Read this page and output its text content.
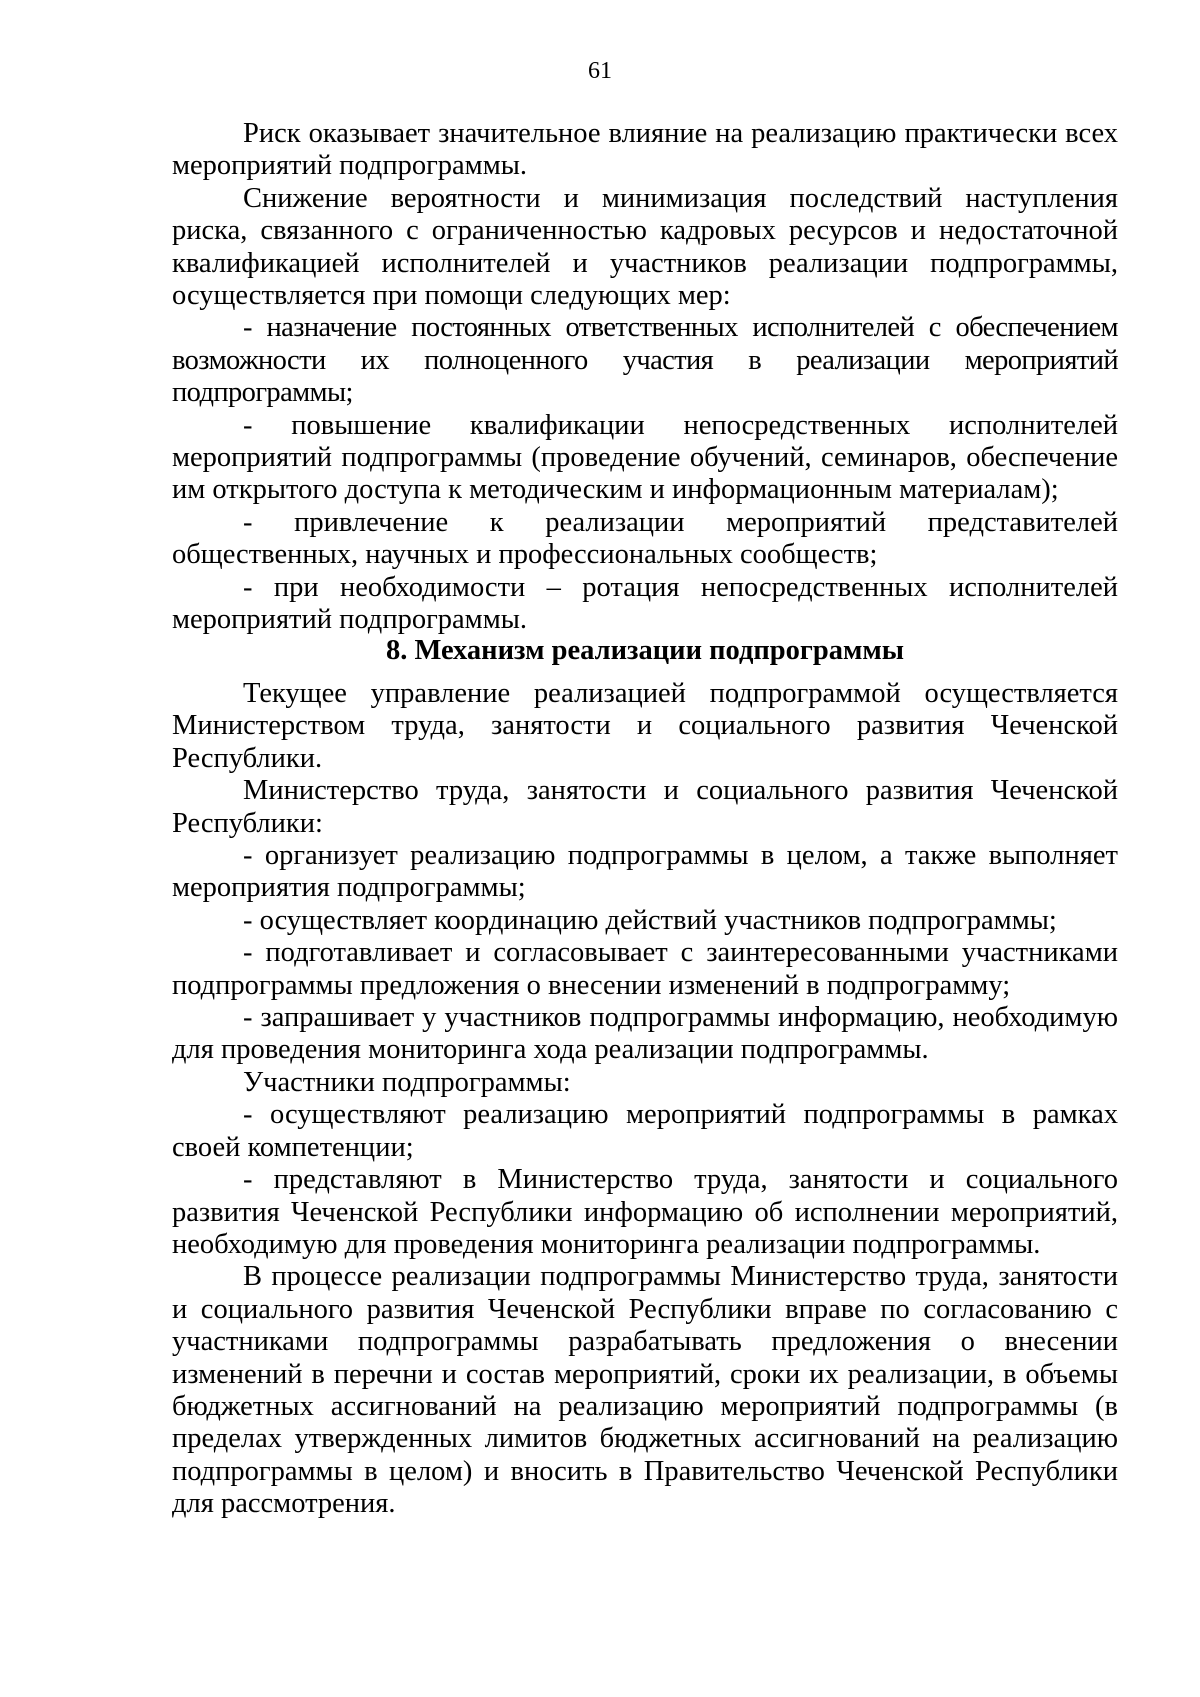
61

Риск оказывает значительное влияние на реализацию практически всех мероприятий подпрограммы.

Снижение вероятности и минимизация последствий наступления риска, связанного с ограниченностью кадровых ресурсов и недостаточной квалификацией исполнителей и участников реализации подпрограммы, осуществляется при помощи следующих мер:

- назначение постоянных ответственных исполнителей с обеспечением возможности их полноценного участия в реализации мероприятий подпрограммы;

- повышение квалификации непосредственных исполнителей мероприятий подпрограммы (проведение обучений, семинаров, обеспечение им открытого доступа к методическим и информационным материалам);

- привлечение к реализации мероприятий представителей общественных, научных и профессиональных сообществ;

- при необходимости – ротация непосредственных исполнителей мероприятий подпрограммы.

8. Механизм реализации подпрограммы

Текущее управление реализацией подпрограммой осуществляется Министерством труда, занятости и социального развития Чеченской Республики.

Министерство труда, занятости и социального развития Чеченской Республики:

- организует реализацию подпрограммы в целом, а также выполняет мероприятия подпрограммы;

- осуществляет координацию действий участников подпрограммы;

- подготавливает и согласовывает с заинтересованными участниками подпрограммы предложения о внесении изменений в подпрограмму;

- запрашивает у участников подпрограммы информацию, необходимую для проведения мониторинга хода реализации подпрограммы.

Участники подпрограммы:

- осуществляют реализацию мероприятий подпрограммы в рамках своей компетенции;

- представляют в Министерство труда, занятости и социального развития Чеченской Республики информацию об исполнении мероприятий, необходимую для проведения мониторинга реализации подпрограммы.

В процессе реализации подпрограммы Министерство труда, занятости и социального развития Чеченской Республики вправе по согласованию с участниками подпрограммы разрабатывать предложения о внесении изменений в перечни и состав мероприятий, сроки их реализации, в объемы бюджетных ассигнований на реализацию мероприятий подпрограммы (в пределах утвержденных лимитов бюджетных ассигнований на реализацию подпрограммы в целом) и вносить в Правительство Чеченской Республики для рассмотрения.
